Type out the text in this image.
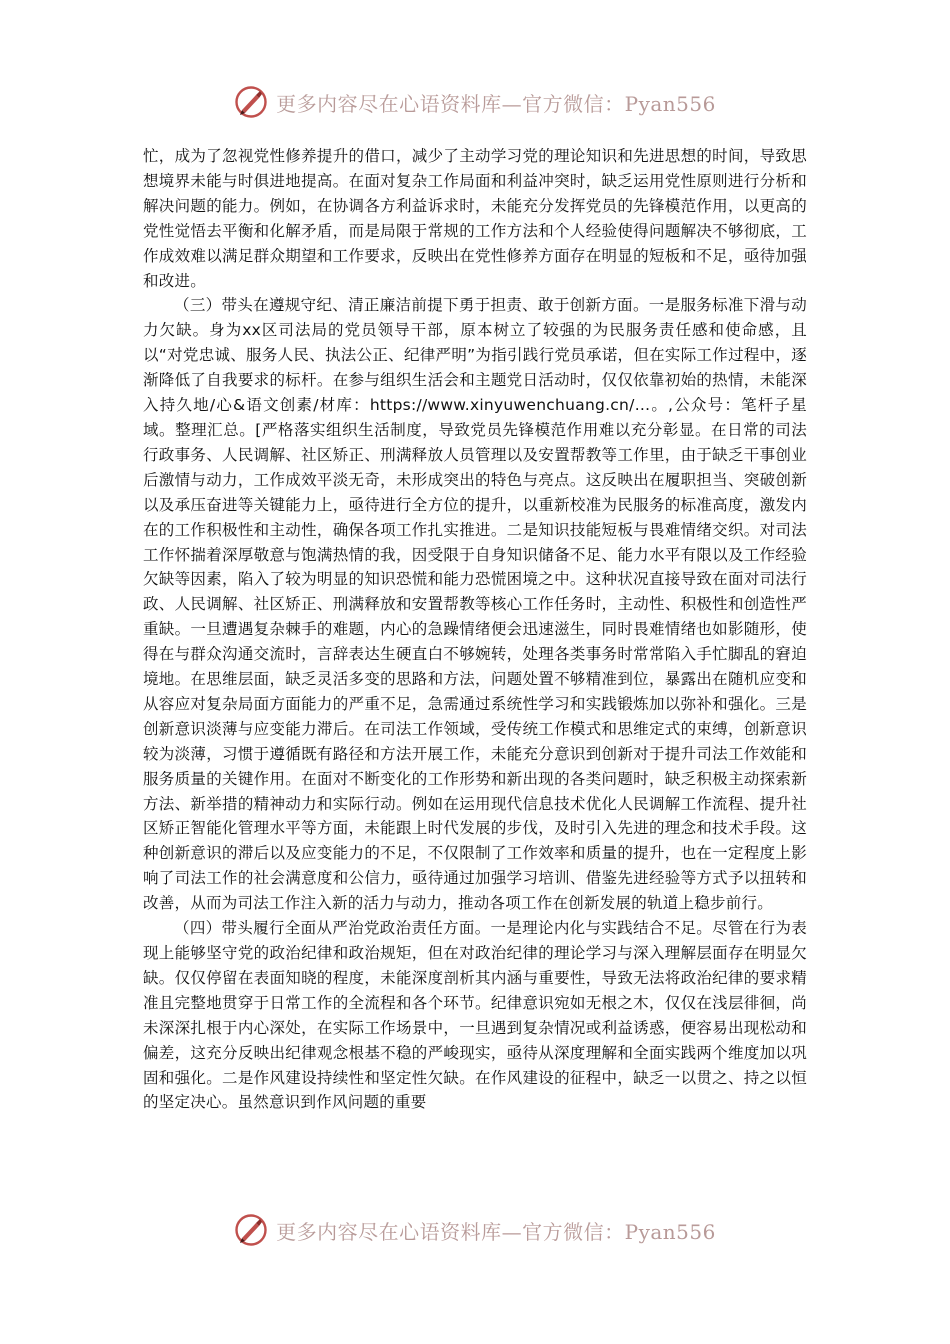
更多内容尽在心语资料库—官方微信：Pyan556

忙，成为了忽视党性修养提升的借口，减少了主动学习党的理论知识和先进思想的时间，导致思想境界未能与时俱进地提高。在面对复杂工作局面和利益冲突时，缺乏运用党性原则进行分析和解决问题的能力。例如，在协调各方利益诉求时，未能充分发挥党员的先锋模范作用，以更高的党性觉悟去平衡和化解矛盾，而是局限于常规的工作方法和个人经验使得问题解决不够彻底，工作成效难以满足群众期望和工作要求，反映出在党性修养方面存在明显的短板和不足，亟待加强和改进。

（三）带头在遵规守纪、清正廉洁前提下勇于担责、敢于创新方面。一是服务标准下滑与动力欠缺。身为xx区司法局的党员领导干部，原本树立了较强的为民服务责任感和使命感，且以“对党忠诚、服务人民、执法公正、纪律严明”为指引践行党员承诺，但在实际工作过程中，逐渐降低了自我要求的标杆。在参与组织生活会和主题党日活动时，仅仅依靠初始的热情，未能深入持久地/心&语文创素/材库：https://www.xinyuwenchuang.cn/…。,公众号：笔杆子星域。整理汇总。[严格落实组织生活制度，导致党员先锋模范作用难以充分彰显。在日常的司法行政事务、人民调解、社区矫正、刑满释放人员管理以及安置帮教等工作里，由于缺乏干事创业后激情与动力，工作成效平淡无奇，未形成突出的特色与亮点。这反映出在履职担当、突破创新以及承压奋进等关键能力上，亟待进行全方位的提升，以重新校准为民服务的标准高度，激发内在的工作积极性和主动性，确保各项工作扎实推进。二是知识技能短板与畏难情绪交织。对司法工作怀揣着深厚敬意与饱满热情的我，因受限于自身知识储备不足、能力水平有限以及工作经验欠缺等因素，陷入了较为明显的知识恐慌和能力恐慌困境之中。这种状况直接导致在面对司法行政、人民调解、社区矫正、刑满释放和安置帮教等核心工作任务时，主动性、积极性和创造性严重缺。一旦遭遇复杂棘手的难题，内心的急躁情绪便会迅速滋生，同时畏难情绪也如影随形，使得在与群众沟通交流时，言辞表达生硬直白不够婉转，处理各类事务时常常陷入手忙脚乱的窘迫境地。在思维层面，缺乏灵活多变的思路和方法，问题处置不够精准到位，暴露出在随机应变和从容应对复杂局面方面能力的严重不足，急需通过系统性学习和实践锻炼加以弥补和强化。三是创新意识淡薄与应变能力滞后。在司法工作领域，受传统工作模式和思维定式的束缚，创新意识较为淡薄，习惯于遵循既有路径和方法开展工作，未能充分意识到创新对于提升司法工作效能和服务质量的关键作用。在面对不断变化的工作形势和新出现的各类问题时，缺乏积极主动探索新方法、新举措的精神动力和实际行动。例如在运用现代信息技术优化人民调解工作流程、提升社区矫正智能化管理水平等方面，未能跟上时代发展的步伐，及时引入先进的理念和技术手段。这种创新意识的滞后以及应变能力的不足，不仅限制了工作效率和质量的提升，也在一定程度上影响了司法工作的社会满意度和公信力，亟待通过加强学习培训、借鉴先进经验等方式予以扭转和改善，从而为司法工作注入新的活力与动力，推动各项工作在创新发展的轨道上稳步前行。

（四）带头履行全面从严治党政治责任方面。一是理论内化与实践结合不足。尽管在行为表现上能够坚守党的政治纪律和政治规矩，但在对政治纪律的理论学习与深入理解层面存在明显欠缺。仅仅停留在表面知晓的程度，未能深度剖析其内涵与重要性，导致无法将政治纪律的要求精准且完整地贯穿于日常工作的全流程和各个环节。纪律意识宛如无根之木，仅仅在浅层徘徊，尚未深深扎根于内心深处，在实际工作场景中，一旦遇到复杂情况或利益诱惑，便容易出现松动和偏差，这充分反映出纪律观念根基不稳的严峻现实，亟待从深度理解和全面实践两个维度加以巩固和强化。二是作风建设持续性和坚定性欠缺。在作风建设的征程中，缺乏一以贯之、持之以恒的坚定决心。虽然意识到作风问题的重要

更多内容尽在心语资料库—官方微信：Pyan556
